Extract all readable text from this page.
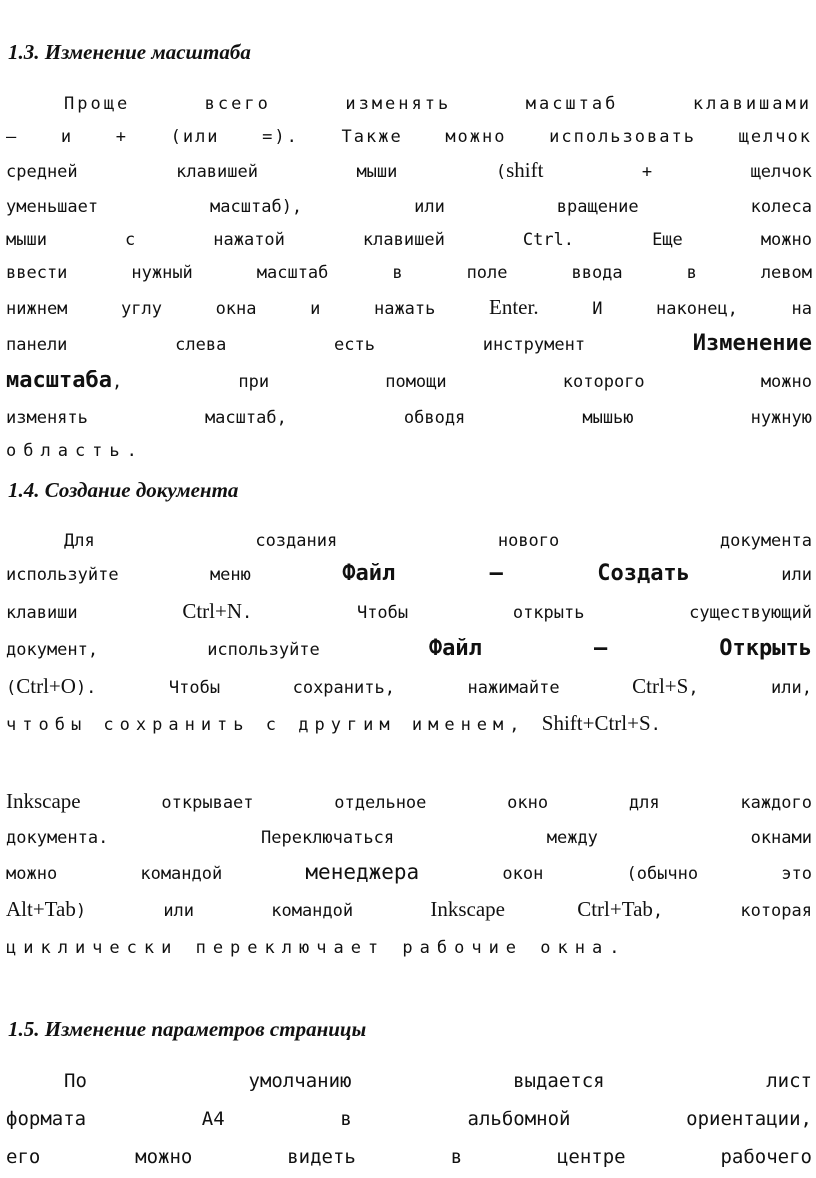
1.3. Изменение масштаба

Проще всего изменять масштаб клавишами

– и + (или =). Также можно использовать щелчок

средней клавишей мыши (shift + щелчок

уменьшает масштаб), или вращение колеса

мыши с нажатой клавишей Ctrl. Еще можно

ввести нужный масштаб в поле ввода в левом

нижнем углу окна и нажать Enter. И наконец, на

панели слева есть инструмент Изменение

масштаба, при помощи которого можно

изменять масштаб, обводя мышью нужную

область.

1.4. Создание документа

Для создания нового документа

используйте меню Файл – Создать или

клавиши Ctrl+N. Чтобы открыть существующий

документ, используйте Файл – Открыть

(Ctrl+O). Чтобы сохранить, нажимайте Ctrl+S, или,

чтобы сохранить с другим именем, Shift+Ctrl+S.

Inkscape открывает отдельное окно для каждого

документа. Переключаться между окнами

можно командой менеджера окон (обычно это

Alt+Tab) или командой Inkscape Ctrl+Tab, которая

циклически переключает рабочие окна.

1.5. Изменение параметров страницы

По умолчанию выдается лист

формата А4 в альбомной ориентации,

его можно видеть в центре рабочего
